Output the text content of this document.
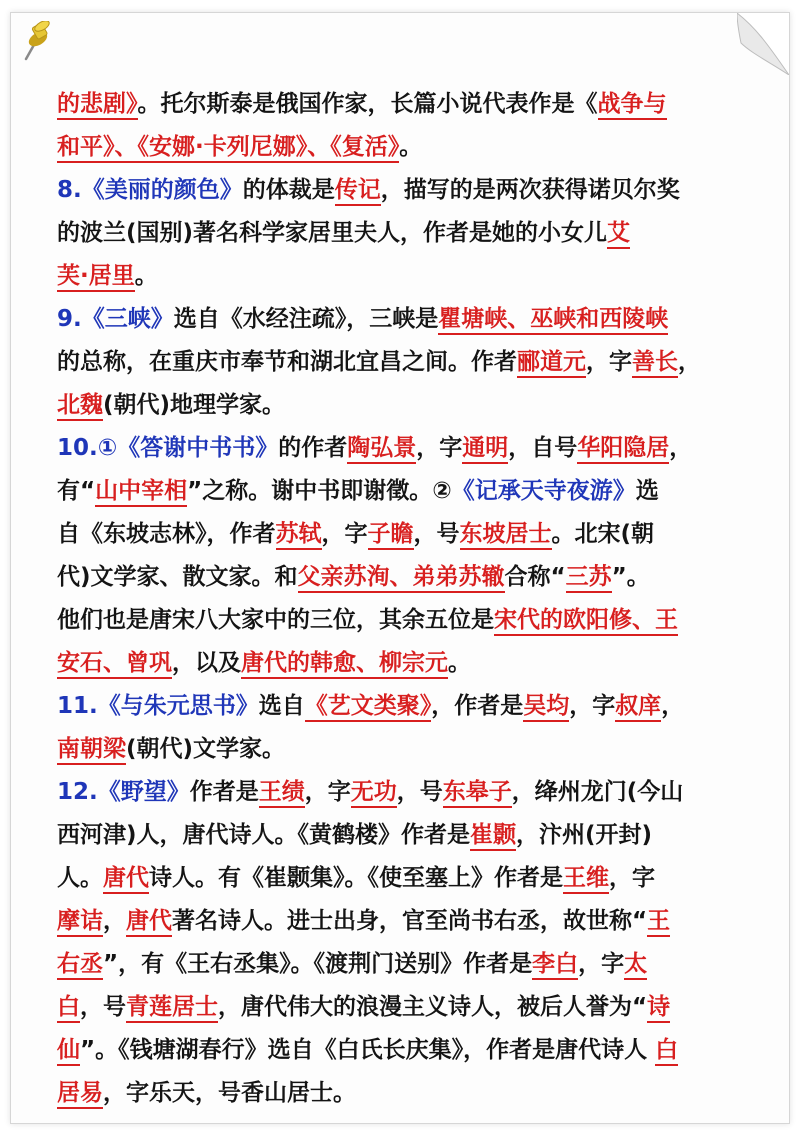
的悲剧》。托尔斯泰是俄国作家，长篇小说代表作是《战争与
和平》、《安娜·卡列尼娜》、《复活》。
8.《美丽的颜色》的体裁是传记，描写的是两次获得诺贝尔奖
的波兰(国别)著名科学家居里夫人，作者是她的小女儿艾
芙·居里。
9.《三峡》选自《水经注疏》，三峡是瞿塘峡、巫峡和西陵峡
的总称，在重庆市奉节和湖北宜昌之间。作者郦道元，字善长，
北魏(朝代)地理学家。
10.①《答谢中书书》的作者陶弘景，字通明，自号华阳隐居，
有“山中宰相”之称。谢中书即谢徵。②《记承天寺夜游》选
自《东坡志林》，作者苏轼，字子瞻，号东坡居士。北宋(朝
代)文学家、散文家。和父亲苏洵、弟弟苏辙合称“三苏”。
他们也是唐宋八大家中的三位，其余五位是宋代的欧阳修、王
安石、曾巩，以及唐代的韩愈、柳宗元。
11.《与朱元思书》选自《艺文类聚》，作者是吴均，字叔庠，
南朝梁(朝代)文学家。
12.《野望》作者是王绩，字无功，号东皋子，绛州龙门(今山
西河津)人，唐代诗人。《黄鹤楼》作者是崔颢，汴州(开封)
人。唐代诗人。有《崔颢集》。《使至塞上》作者是王维，字
摩诘，唐代著名诗人。进士出身，官至尚书右丞，故世称“王
右丞”，有《王右丞集》。《渡荆门送别》作者是李白，字太
白，号青莲居士，唐代伟大的浪漫主义诗人，被后人誉为“诗
仙”。《钱塘湖春行》选自《白氏长庆集》，作者是唐代诗人 白
居易，字乐天，号香山居士。
